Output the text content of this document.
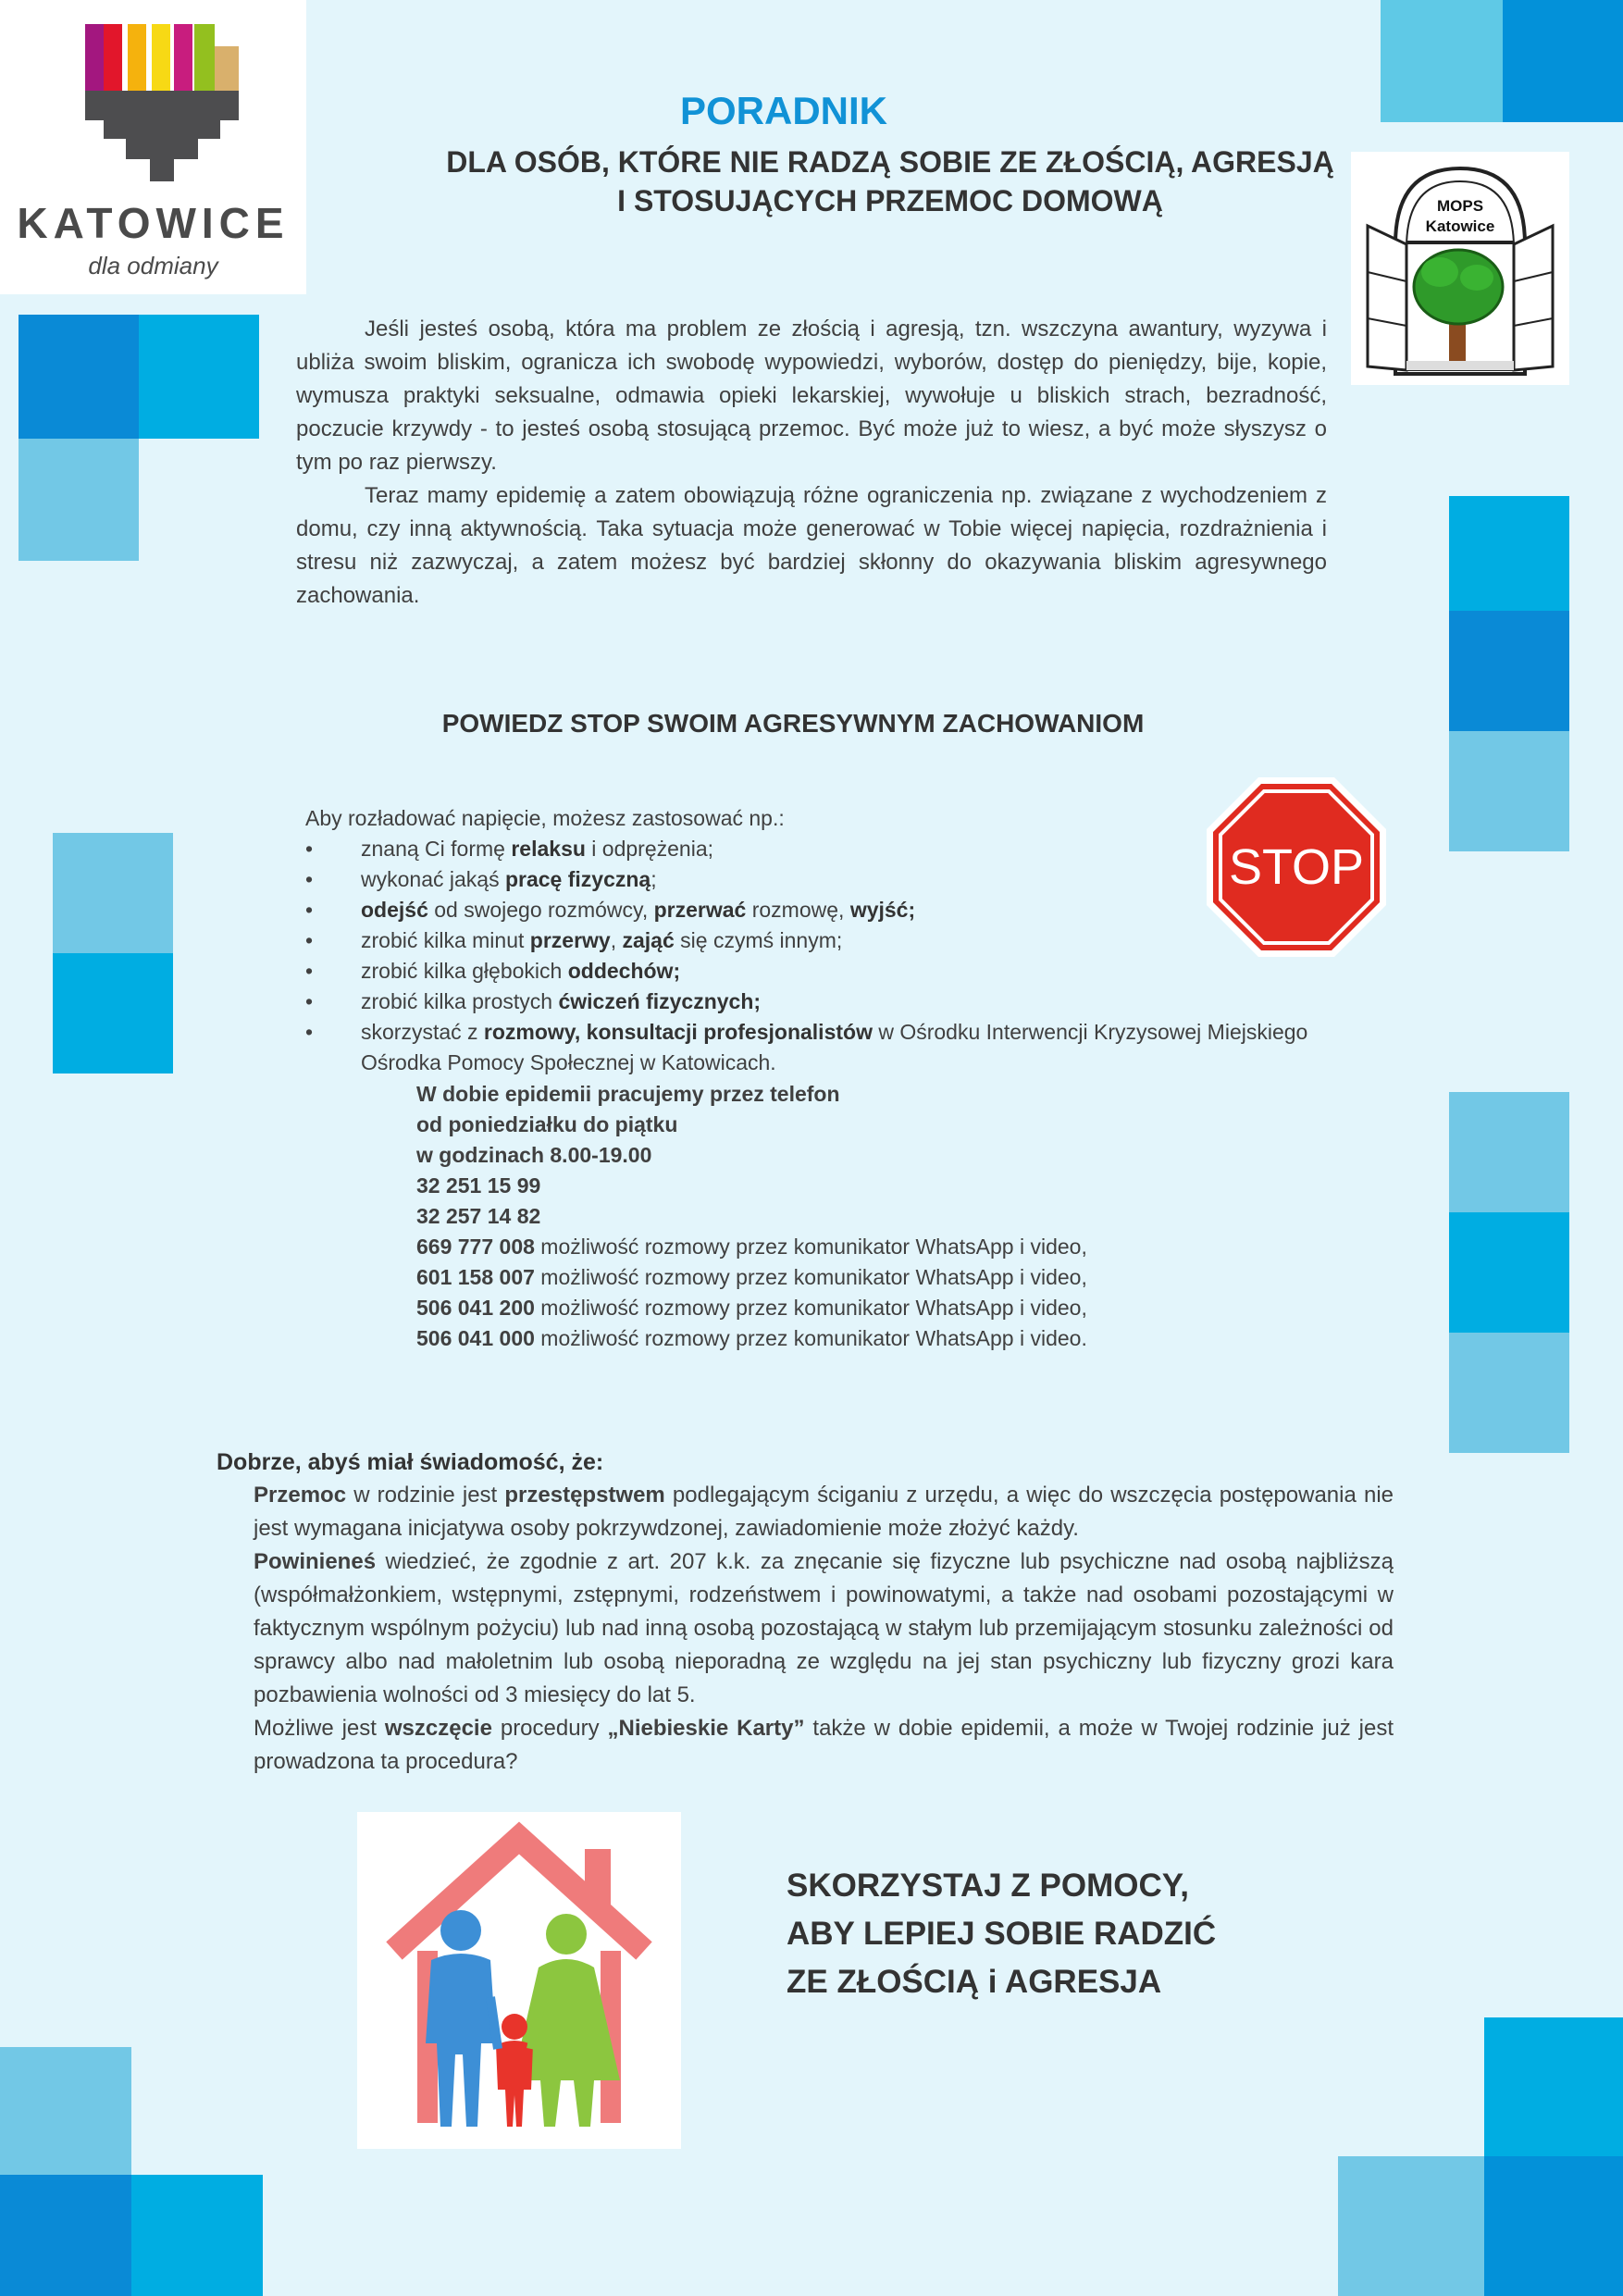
KATOWICE
dla odmiany
MOPS
Katowice
PORADNIK
DLA OSÓB, KTÓRE NIE RADZĄ SOBIE ZE ZŁOŚCIĄ, AGRESJĄ
I STOSUJĄCYCH PRZEMOC DOMOWĄ

Jeśli jesteś osobą, która ma problem ze złością i agresją, tzn. wszczyna awantury, wyzywa i ubliża swoim bliskim, ogranicza ich swobodę wypowiedzi, wyborów, dostęp do pieniędzy, bije, kopie, wymusza praktyki seksualne, odmawia opieki lekarskiej, wywołuje u bliskich strach, bezradność, poczucie krzywdy - to jesteś osobą stosującą przemoc. Być może już to wiesz, a być może słyszysz o tym po raz pierwszy.

Teraz mamy epidemię a zatem obowiązują różne ograniczenia np. związane z wychodzeniem z domu, czy inną aktywnością. Taka sytuacja może generować w Tobie więcej napięcia, rozdrażnienia i stresu niż zazwyczaj, a zatem możesz być bardziej skłonny do okazywania bliskim agresywnego zachowania.

POWIEDZ STOP SWOIM AGRESYWNYM ZACHOWANIOM
STOP

Aby rozładować napięcie, możesz zastosować np.:

• znaną Ci formę relaksu i odprężenia;
• wykonać jakąś pracę fizyczną;
• odejść od swojego rozmówcy, przerwać rozmowę, wyjść;
• zrobić kilka minut przerwy, zająć się czymś innym;
• zrobić kilka głębokich oddechów;
• zrobić kilka prostych ćwiczeń fizycznych;
• skorzystać z rozmowy, konsultacji profesjonalistów w Ośrodku Interwencji Kryzysowej Miejskiego Ośrodka Pomocy Społecznej w Katowicach.
W dobie epidemii pracujemy przez telefon
od poniedziałku do piątku
w godzinach 8.00-19.00
32 251 15 99
32 257 14 82
669 777 008 możliwość rozmowy przez komunikator WhatsApp i video,
601 158 007 możliwość rozmowy przez komunikator WhatsApp i video,
506 041 200 możliwość rozmowy przez komunikator WhatsApp i video,
506 041 000 możliwość rozmowy przez komunikator WhatsApp i video.
Dobrze, abyś miał świadomość, że:

Przemoc w rodzinie jest przestępstwem podlegającym ściganiu z urzędu, a więc do wszczęcia postępowania nie jest wymagana inicjatywa osoby pokrzywdzonej, zawiadomienie może złożyć każdy.

Powinieneś wiedzieć, że zgodnie z art. 207 k.k. za znęcanie się fizyczne lub psychiczne nad osobą najbliższą (współmałżonkiem, wstępnymi, zstępnymi, rodzeństwem i powinowatymi, a także nad osobami pozostającymi w faktycznym wspólnym pożyciu) lub nad inną osobą pozostającą w stałym lub przemijającym stosunku zależności od sprawcy albo nad małoletnim lub osobą nieporadną ze względu na jej stan psychiczny lub fizyczny grozi kara pozbawienia wolności od 3 miesięcy do lat 5.

Możliwe jest wszczęcie procedury „Niebieskie Karty” także w dobie epidemii, a może w Twojej rodzinie już jest prowadzona ta procedura?

SKORZYSTAJ Z POMOCY,
ABY LEPIEJ SOBIE RADZIĆ
ZE ZŁOŚCIĄ i AGRESJA
